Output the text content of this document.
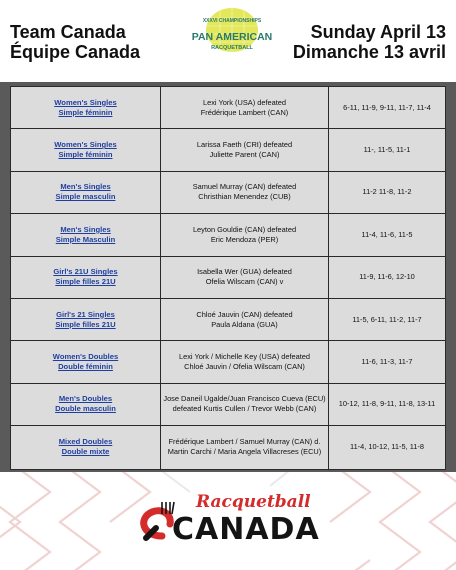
Team Canada
Équipe Canada
XXXVI CHAMPIONSHIPS
PAN AMERICAN
RACQUETBALL
Sunday April 13
Dimanche 13 avril
Women's Singles
Simple féminin
Lexi York (USA) defeated
Frédérique Lambert (CAN)
6-11, 11-9, 9-11, 11-7, 11-4
Women's Singles
Simple féminin
Larissa Faeth (CRI) defeated
Juliette Parent (CAN)
11-, 11-5, 11-1
Men's Singles
Simple masculin
Samuel Murray (CAN) defeated
Christhian Menendez (CUB)
11-2 11-8, 11-2
Men's Singles
Simple Masculin
Leyton Gouldie (CAN) defeated
Eric Mendoza (PER)
11-4, 11-6, 11-5
Girl's 21U Singles
Simple filles 21U
Isabella Wer (GUA) defeated
Ofelia Wilscam (CAN) v
11-9, 11-6, 12-10
Girl's 21 Singles
Simple filles 21U
Chloé Jauvin (CAN) defeated
Paula Aldana (GUA)
11-5, 6-11, 11-2, 11-7
Women's Doubles
Double féminin
Lexi York / Michelle Key (USA) defeated
Chloé Jauvin / Ofelia Wilscam (CAN)
11-6, 11-3, 11-7
Men's Doubles
Double masculin
Jose Daneil Ugalde/Juan Francisco Cueva (ECU)
defeated Kurtis Cullen / Trevor Webb (CAN)
10-12, 11-8, 9-11, 11-8, 13-11
Mixed Doubles
Double mixte
Frédérique Lambert / Samuel Murray (CAN) d.
Martin Carchi / Maria Angela Villacreses (ECU)
11-4, 10-12, 11-5, 11-8
Racquetball
CANADA
